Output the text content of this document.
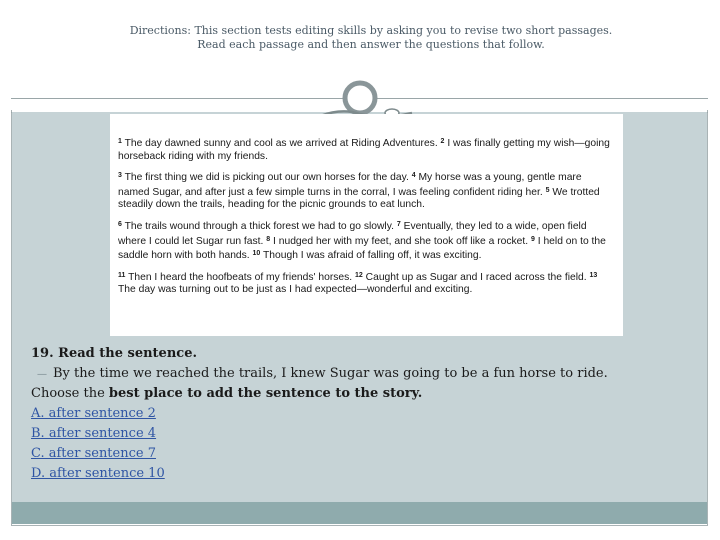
Directions: This section tests editing skills by asking you to revise two short passages.
Read each passage and then answer the questions that follow.

$^1$ The day dawned sunny and cool as we arrived at Riding Adventures. $^2$ I was finally getting my wish—going horseback riding with my friends.

$^3$ The first thing we did is picking out our own horses for the day. $^4$ My horse was a young, gentle mare named Sugar, and after just a few simple turns in the corral, I was feeling confident riding her. $^5$ We trotted steadily down the trails, heading for the picnic grounds to eat lunch.

$^6$ The trails wound through a thick forest we had to go slowly. $^7$ Eventually, they led to a wide, open field where I could let Sugar run fast. $^8$ I nudged her with my feet, and she took off like a rocket. $^9$ I held on to the saddle horn with both hands. $^{10}$ Though I was afraid of falling off, it was exciting.

$^{11}$ Then I heard the hoofbeats of my friends' horses. $^{12}$ Caught up as Sugar and I raced across the field. $^{13}$ The day was turning out to be just as I had expected—wonderful and exciting.

19. Read the sentence.
— By the time we reached the trails, I knew Sugar was going to be a fun horse to ride.
Choose the best place to add the sentence to the story.
A. after sentence 2
B. after sentence 4
C. after sentence 7
D. after sentence 10
